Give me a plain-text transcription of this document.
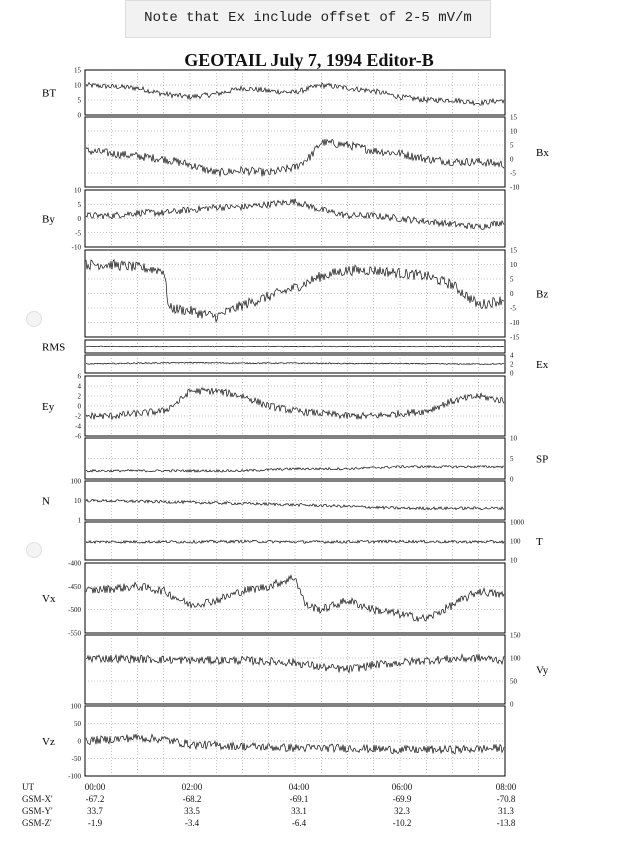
Note that Ex include offset of 2-5 mV/m
GEOTAIL July 7, 1994 Editor-B
15
10
5
0
BT
15
10
5
0
-5
-10
Bx
10
5
0
-5
-10
By
15
10
5
0
-5
-10
-15
Bz
RMS
4
2
0
Ex
6
4
2
0
-2
-4
-6
Ey
10
5
0
SP
100
10
1
N
1000
100
10
T
-400
-450
-500
-550
Vx
150
100
50
0
Vy
100
50
0
-50
-100
Vz
UT
GSM-X'
GSM-Y'
GSM-Z'
00:00	02:00	04:00	06:00	08:00
-67.2	-68.2	-69.1	-69.9	-70.8
33.7	33.5	33.1	32.3	31.3
-1.9	-3.4	-6.4	-10.2	-13.8
